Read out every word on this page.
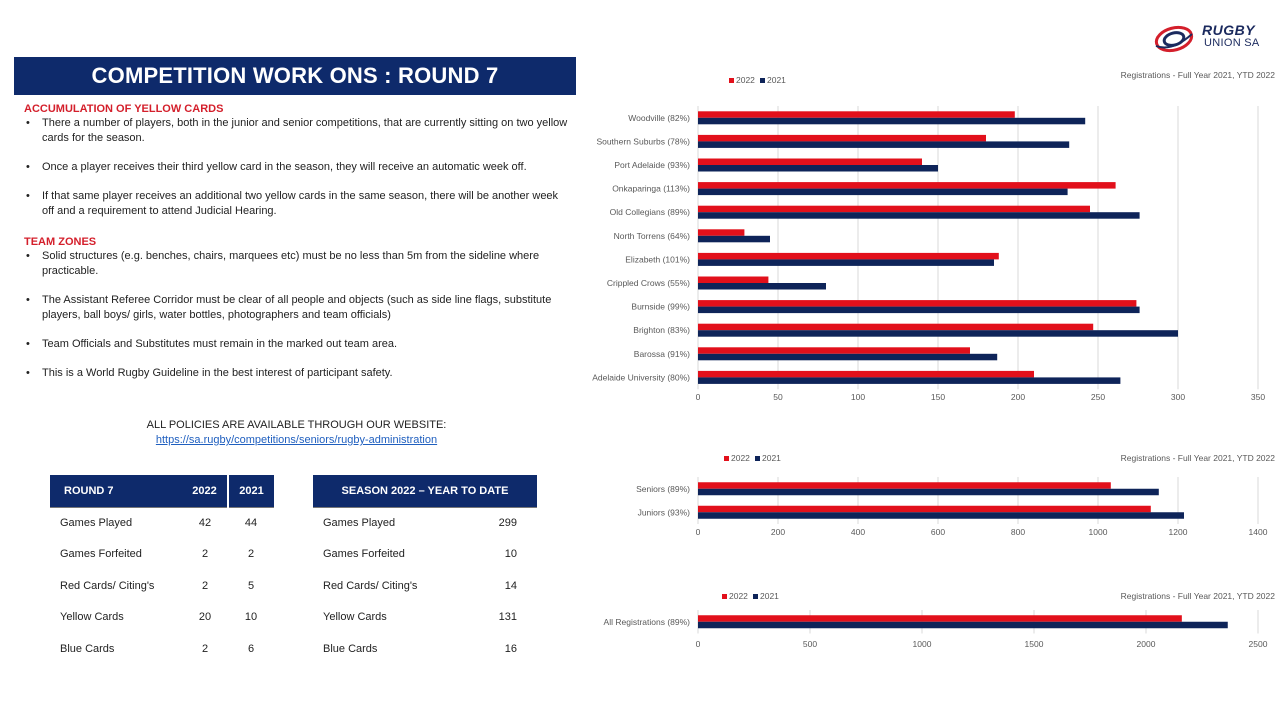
RUGBY
UNION SA
COMPETITION WORK ONS : ROUND 7
ACCUMULATION OF YELLOW CARDS
• There a number of players, both in the junior and senior competitions, that are currently sitting on two yellow cards for the season.
• Once a player receives their third yellow card in the season, they will receive an automatic week off.
• If that same player receives an additional two yellow cards in the same season, there will be another week off and a requirement to attend Judicial Hearing.
TEAM ZONES
• Solid structures (e.g. benches, chairs, marquees etc) must be no less than 5m from the sideline where practicable.
• The Assistant Referee Corridor must be clear of all people and objects (such as side line flags, substitute players, ball boys/ girls, water bottles, photographers and team officials)
• Team Officials and Substitutes must remain in the marked out team area.
• This is a World Rugby Guideline in the best interest of participant safety.
ALL POLICIES ARE AVAILABLE THROUGH OUR WEBSITE:
https://sa.rugby/competitions/seniors/rugby-administration
ROUND 7	2022	2021
Games Played	42	44
Games Forfeited	2	2
Red Cards/ Citing's	2	5
Yellow Cards	20	10
Blue Cards	2	6
SEASON 2022 – YEAR TO DATE	
Games Played	299
Games Forfeited	10
Red Cards/ Citing's	14
Yellow Cards	131
Blue Cards	16
0	50	100	150	200	250	300	350
Registrations - Full Year 2021, YTD 2022
2022 2021
Woodville (82%)
Southern Suburbs (78%)
Port Adelaide (93%)
Onkaparinga (113%)
Old Collegians (89%)
North Torrens (64%)
Elizabeth (101%)
Crippled Crows (55%)
Burnside (99%)
Brighton (83%)
Barossa (91%)
Adelaide University (80%)
0	200	400	600	800	1000	1200	1400
Registrations - Full Year 2021, YTD 2022
2022 2021
Seniors (89%)
Juniors (93%)
0	500	1000	1500	2000	2500
Registrations - Full Year 2021, YTD 2022
2022 2021
All Registrations (89%)
